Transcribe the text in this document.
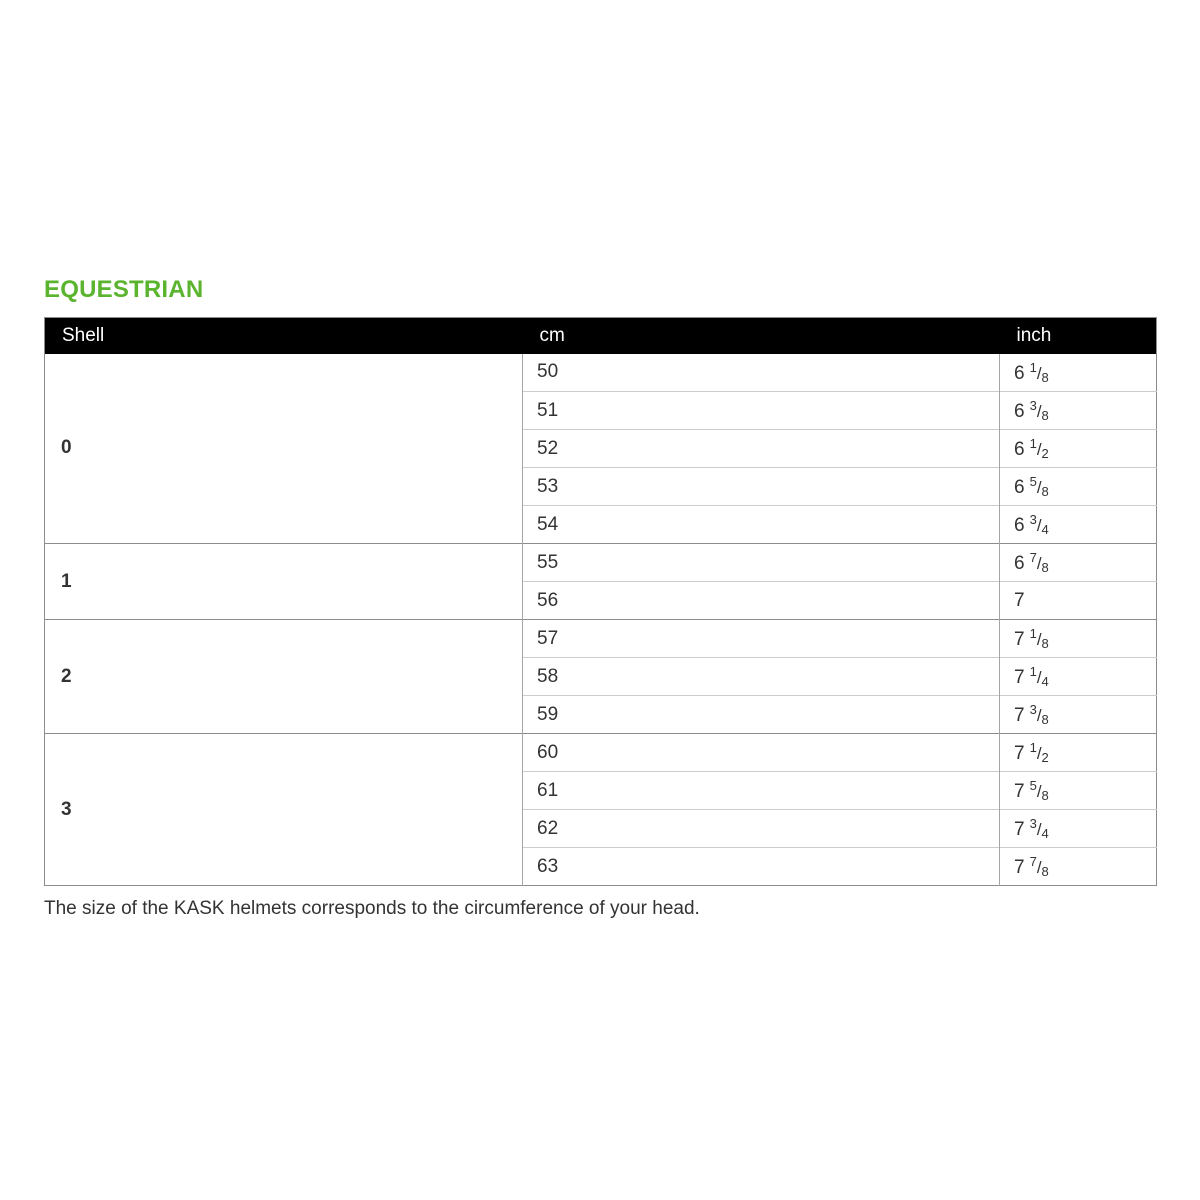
EQUESTRIAN
Shell	cm	inch
0	50	6 $^1$/8
	51	6 $^3$/8
	52	6 $^1$/2
	53	6 $^5$/8
	54	6 $^3$/4
1	55	6 $^7$/8
	56	7
2	57	7 $^1$/8
	58	7 $^1$/4
	59	7 $^3$/8
3	60	7 $^1$/2
	61	7 $^5$/8
	62	7 $^3$/4
	63	7 $^7$/8
The size of the KASK helmets corresponds to the circumference of your head.
